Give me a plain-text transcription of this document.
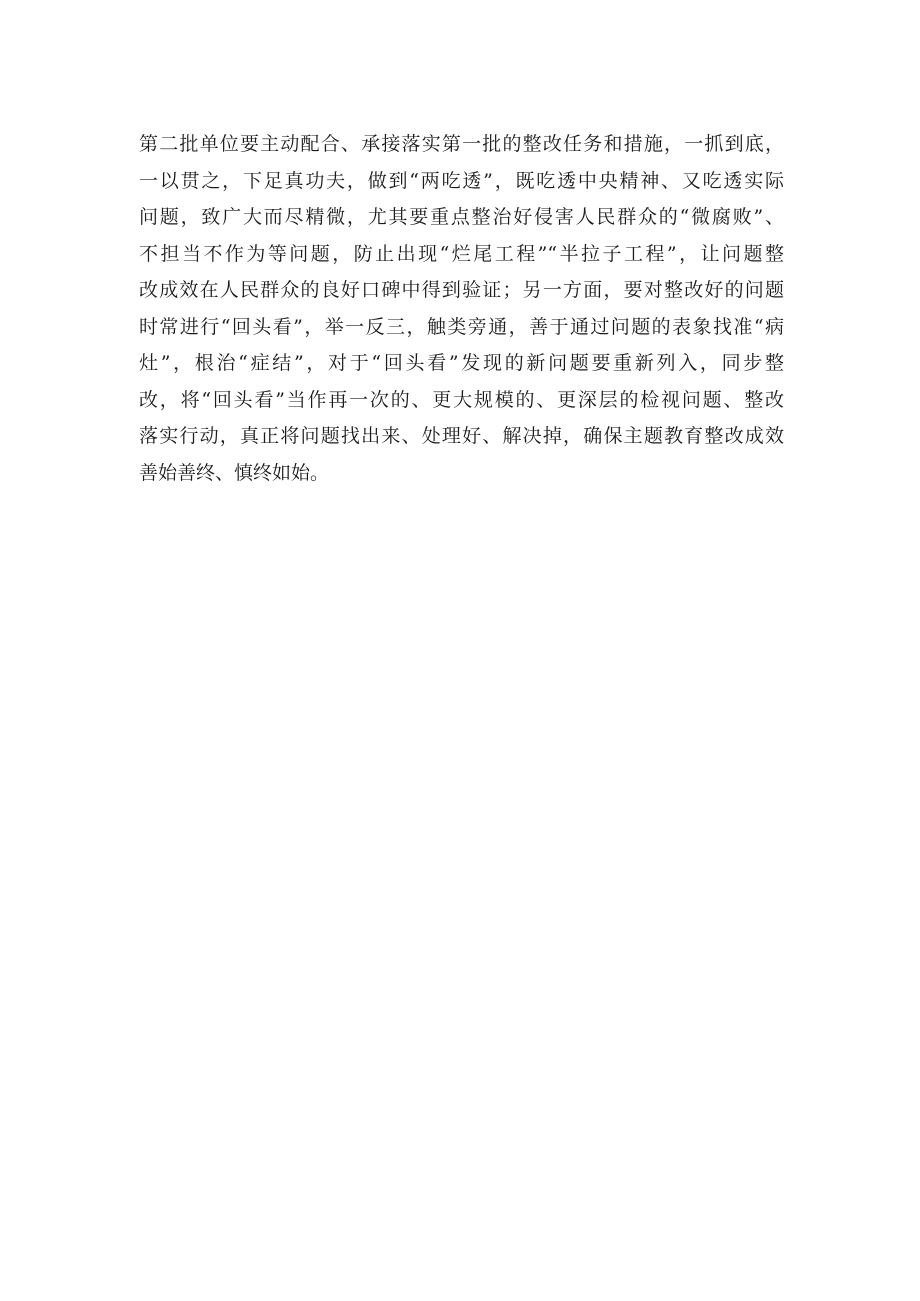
第二批单位要主动配合、承接落实第一批的整改任务和措施，一抓到底，
一以贯之，下足真功夫，做到“两吃透”，既吃透中央精神、又吃透实际
问题，致广大而尽精微，尤其要重点整治好侵害人民群众的“微腐败”、
不担当不作为等问题，防止出现“烂尾工程”“半拉子工程”，让问题整
改成效在人民群众的良好口碑中得到验证；另一方面，要对整改好的问题
时常进行“回头看”，举一反三，触类旁通，善于通过问题的表象找准“病
灶”，根治“症结”，对于“回头看”发现的新问题要重新列入，同步整
改，将“回头看”当作再一次的、更大规模的、更深层的检视问题、整改
落实行动，真正将问题找出来、处理好、解决掉，确保主题教育整改成效
善始善终、慎终如始。
